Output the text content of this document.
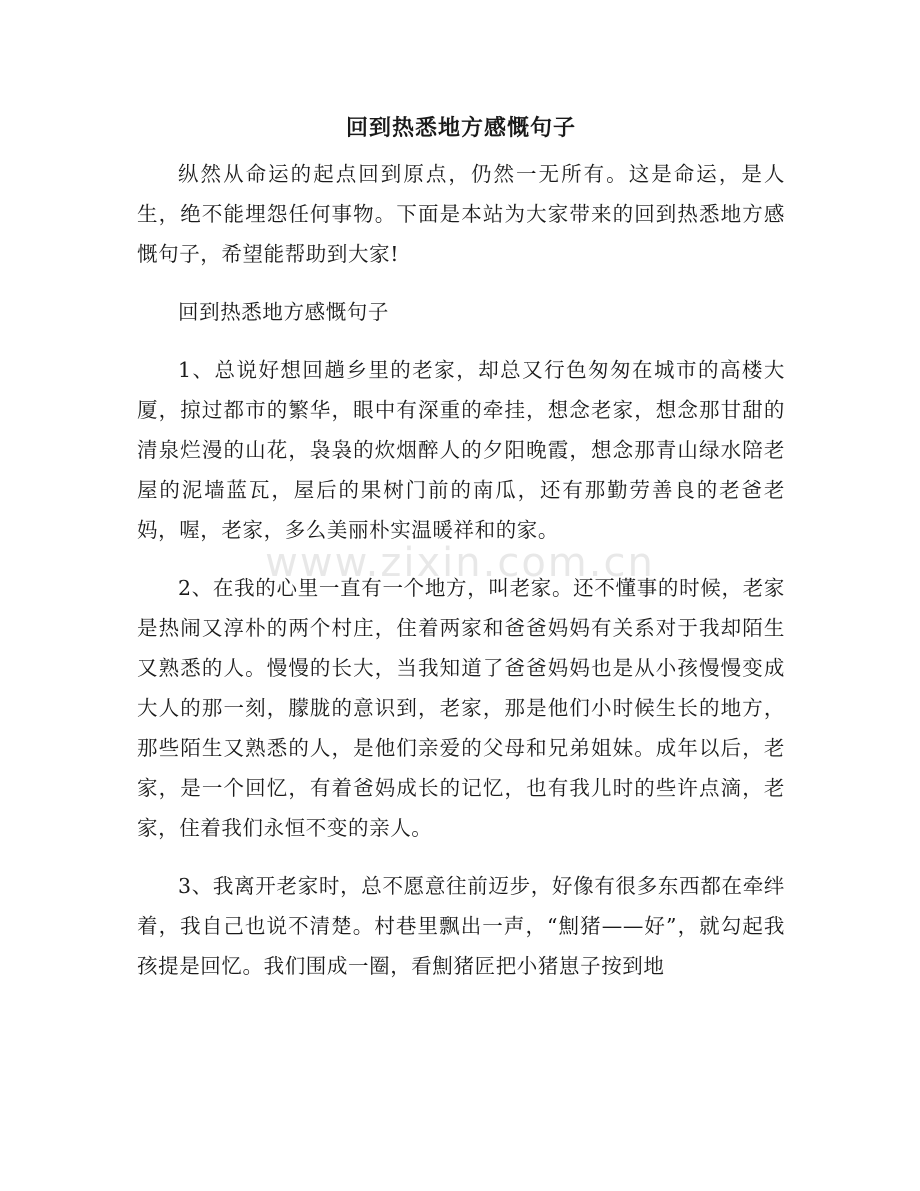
回到热悉地方感慨句子

纵然从命运的起点回到原点，仍然一无所有。这是命运，是人生，绝不能埋怨任何事物。下面是本站为大家带来的回到热悉地方感慨句子，希望能帮助到大家!

回到热悉地方感慨句子

1、总说好想回趟乡里的老家，却总又行色匆匆在城市的高楼大厦，掠过都市的繁华，眼中有深重的牵挂，想念老家，想念那甘甜的清泉烂漫的山花，袅袅的炊烟醉人的夕阳晚霞，想念那青山绿水陪老屋的泥墙蓝瓦，屋后的果树门前的南瓜，还有那勤劳善良的老爸老妈，喔，老家，多么美丽朴实温暖祥和的家。

2、在我的心里一直有一个地方，叫老家。还不懂事的时候，老家是热闹又淳朴的两个村庄，住着两家和爸爸妈妈有关系对于我却陌生又熟悉的人。慢慢的长大，当我知道了爸爸妈妈也是从小孩慢慢变成大人的那一刻，朦胧的意识到，老家，那是他们小时候生长的地方，那些陌生又熟悉的人，是他们亲爱的父母和兄弟姐妹。成年以后，老家，是一个回忆，有着爸妈成长的记忆，也有我儿时的些许点滴，老家，住着我们永恒不变的亲人。

3、我离开老家时，总不愿意往前迈步，好像有很多东西都在牵绊着，我自己也说不清楚。村巷里飘出一声，“劁猪——好”，就勾起我孩提是回忆。我们围成一圈，看劁猪匠把小猪崽子按到地

www.zixin.com.cn
